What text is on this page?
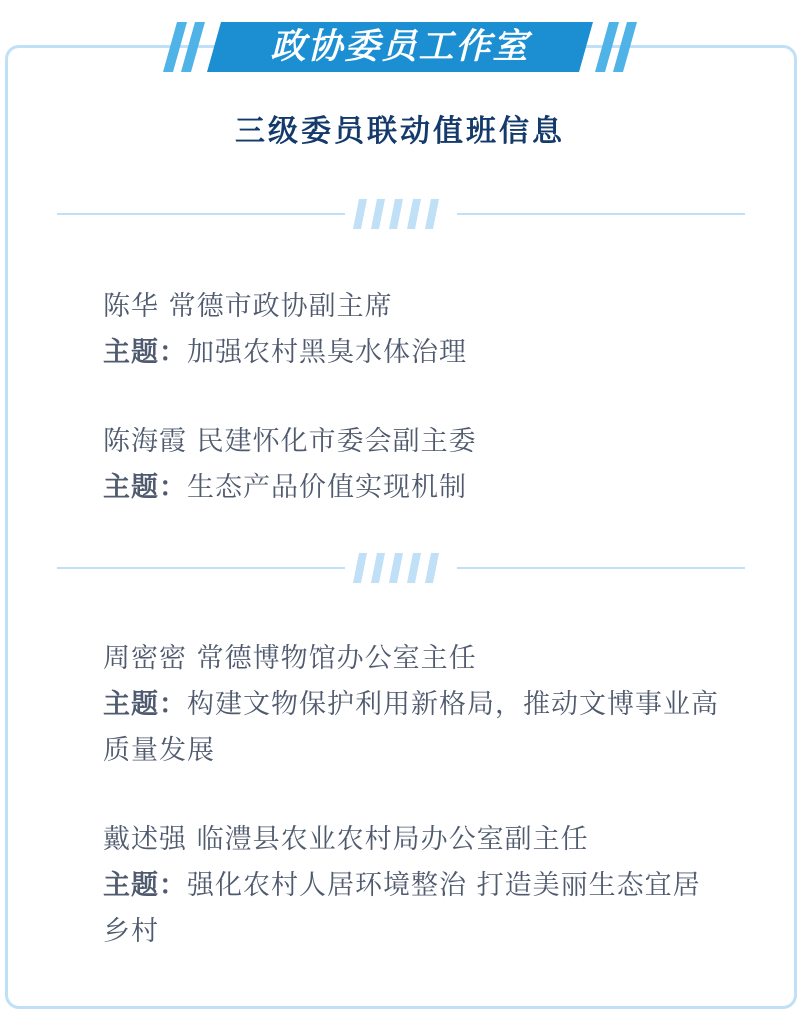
政协委员工作室
三级委员联动值班信息
陈华 常德市政协副主席
主题：加强农村黑臭水体治理
陈海霞 民建怀化市委会副主委
主题：生态产品价值实现机制
周密密 常德博物馆办公室主任
主题：构建文物保护利用新格局，推动文博事业高质量发展
戴述强 临澧县农业农村局办公室副主任
主题：强化农村人居环境整治 打造美丽生态宜居乡村
